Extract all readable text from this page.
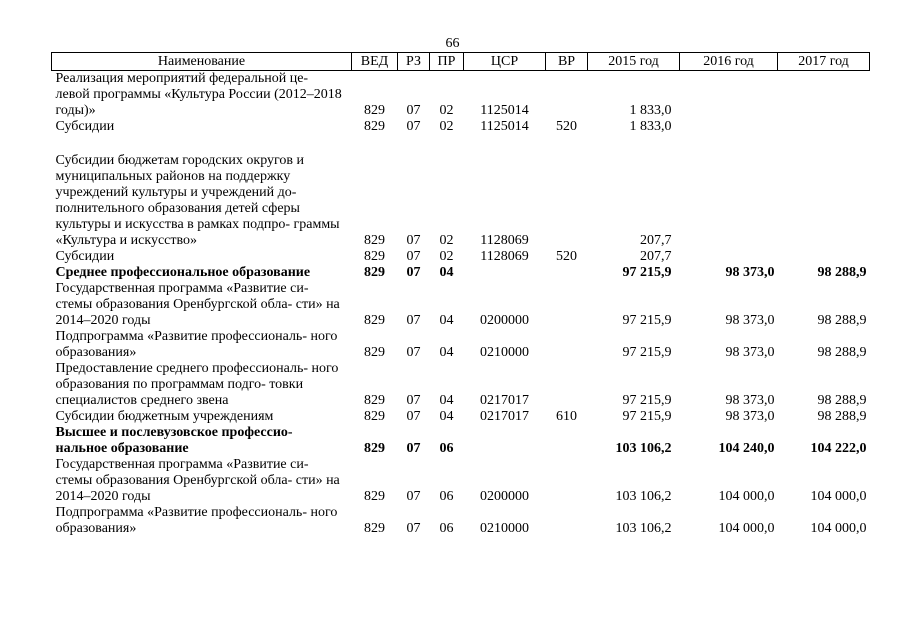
66
Наименование	ВЕД	РЗ	ПР	ЦСР	ВР	2015 год	2016 год	2017 год
Реализация мероприятий федеральной це- левой программы «Культура России (2012–2018 годы)»	829	07	02	1125014		1 833,0		
Субсидии	829	07	02	1125014	520	1 833,0		

Субсидии бюджетам городских округов и муниципальных районов на поддержку учреждений культуры и учреждений до- полнительного образования детей сферы культуры и искусства в рамках подпро- граммы «Культура и искусство»	829	07	02	1128069		207,7		
Субсидии	829	07	02	1128069	520	207,7		
Среднее профессиональное образование	829	07	04			97 215,9	98 373,0	98 288,9
Государственная программа «Развитие си- стемы образования Оренбургской обла- сти» на 2014–2020 годы	829	07	04	0200000		97 215,9	98 373,0	98 288,9
Подпрограмма «Развитие профессиональ- ного образования»	829	07	04	0210000		97 215,9	98 373,0	98 288,9
Предоставление среднего профессиональ- ного образования по программам подго- товки специалистов среднего звена	829	07	04	0217017		97 215,9	98 373,0	98 288,9
Субсидии бюджетным учреждениям	829	07	04	0217017	610	97 215,9	98 373,0	98 288,9
Высшее и послевузовское профессио- нальное образование	829	07	06			103 106,2	104 240,0	104 222,0
Государственная программа «Развитие си- стемы образования Оренбургской обла- сти» на 2014–2020 годы	829	07	06	0200000		103 106,2	104 000,0	104 000,0
Подпрограмма «Развитие профессиональ- ного образования»	829	07	06	0210000		103 106,2	104 000,0	104 000,0
